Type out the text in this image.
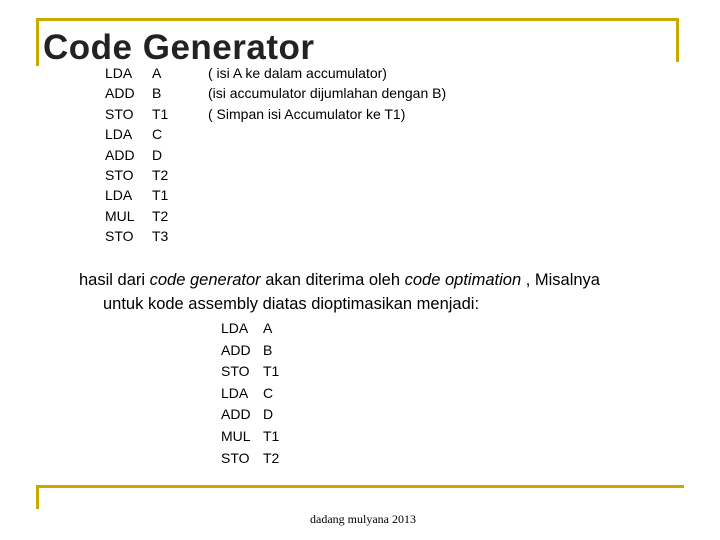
Code Generator
LDA	A	( isi A ke dalam accumulator)
ADD	B	(isi accumulator dijumlahan dengan B)
STO	T1	( Simpan isi Accumulator ke T1)
LDA	C
ADD	D
STO	T2
LDA	T1
MUL	T2
STO	T3

hasil dari code generator akan diterima oleh code optimation , Misalnya
untuk kode assembly diatas dioptimasikan menjadi:

LDA	A
ADD B
STO T1
LDA	C
ADD D
MUL T1
STO T2
dadang mulyana 2013
